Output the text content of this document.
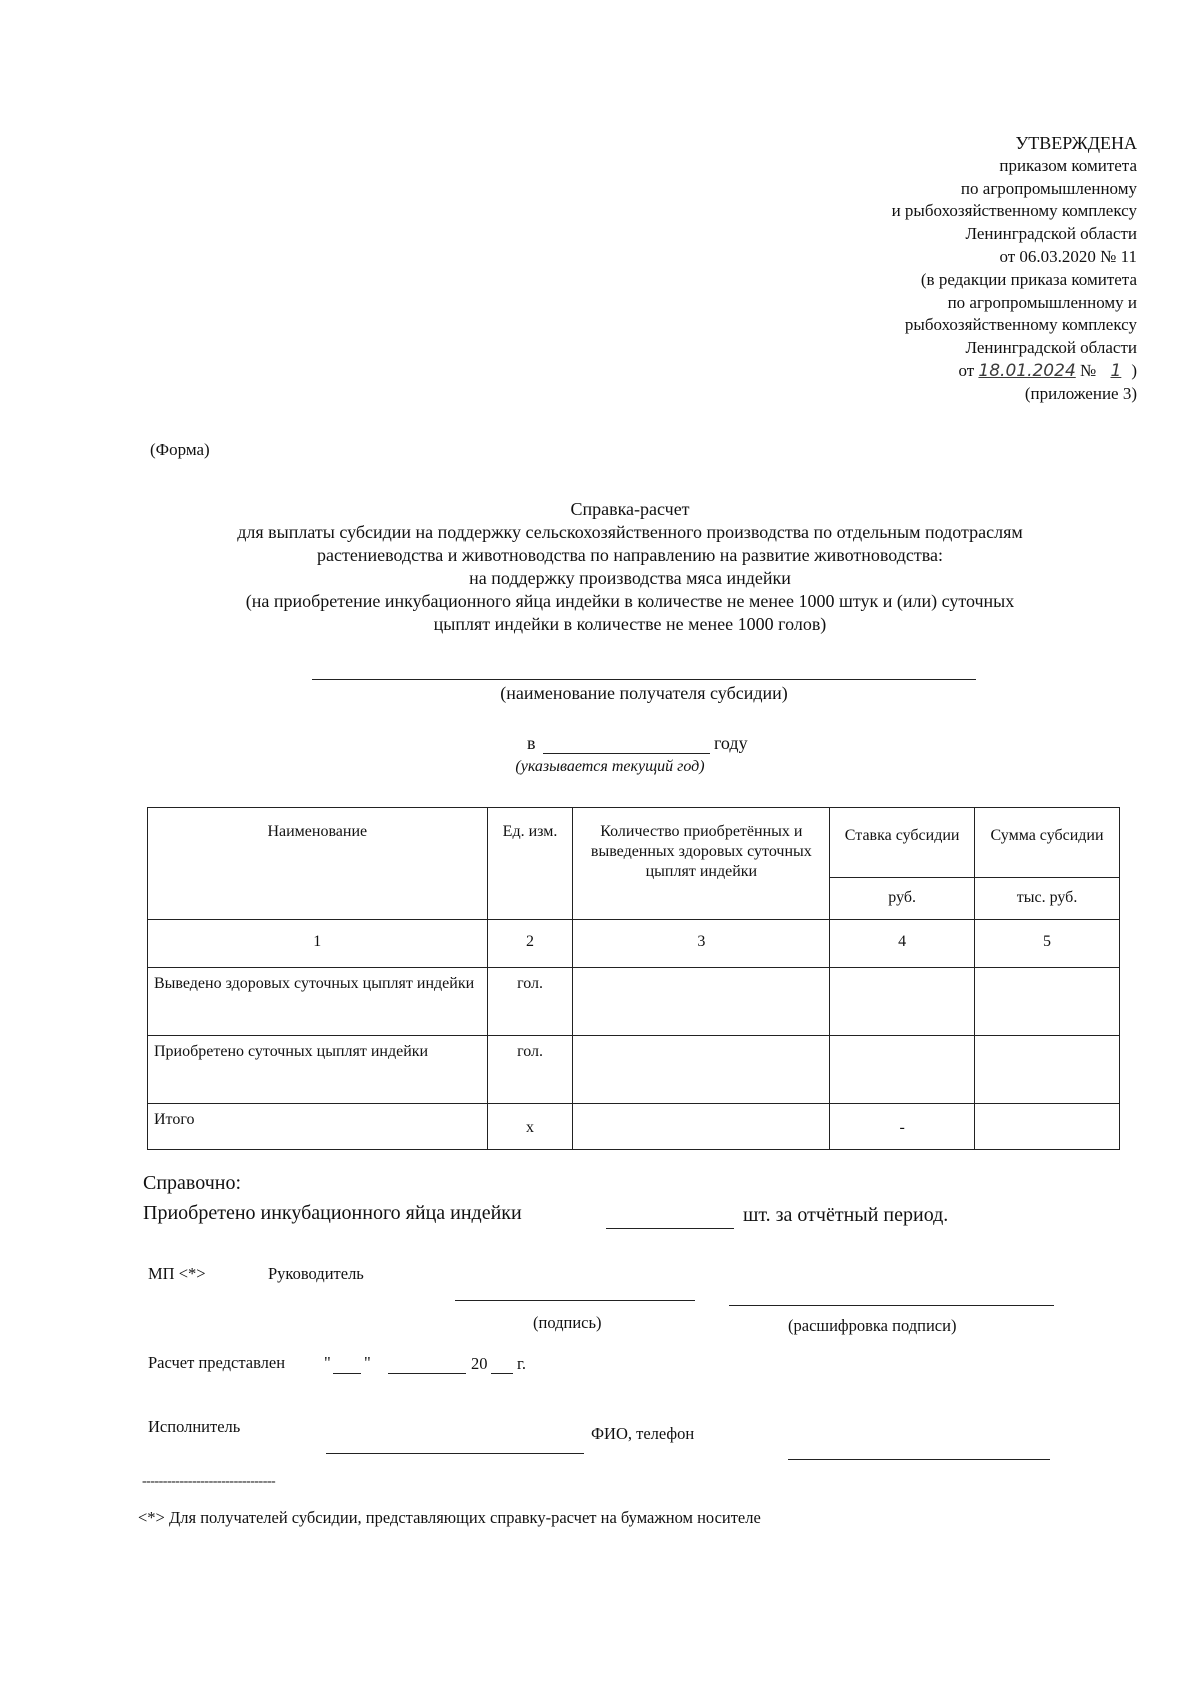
УТВЕРЖДЕНА
приказом комитета
по агропромышленному
и рыбохозяйственному комплексу
Ленинградской области
от 06.03.2020 № 11
(в редакции приказа комитета
по агропромышленному и
рыбохозяйственному комплексу
Ленинградской области
от 18.01.2024 № 1 )
(приложение 3)
(Форма)
Справка-расчет
для выплаты субсидии на поддержку сельскохозяйственного производства по отдельным подотраслям
растениеводства и животноводства по направлению на развитие животноводства:
на поддержку производства мяса индейки
(на приобретение инкубационного яйца индейки в количестве не менее 1000 штук и (или) суточных
цыплят индейки в количестве не менее 1000 голов)
(наименование получателя субсидии)
в	году
(указывается текущий год)
Наименование	Ед. изм.	Количество приобретённых и выведенных здоровых суточных цыплят индейки	Ставка субсидии	Сумма субсидии
			руб.	тыс. руб.
1	2	3	4	5
Выведено здоровых суточных цыплят индейки	гол.			
Приобретено суточных цыплят индейки	гол.			
Итого	х		-	
Справочно:
Приобретено инкубационного яйца индейки	шт. за отчётный период.
МП <*>	Руководитель
(подпись)	(расшифровка подписи)
Расчет представлен " "	20 г.
Исполнитель	ФИО, телефон
--------------------------------
<*> Для получателей субсидии, представляющих справку-расчет на бумажном носителе
